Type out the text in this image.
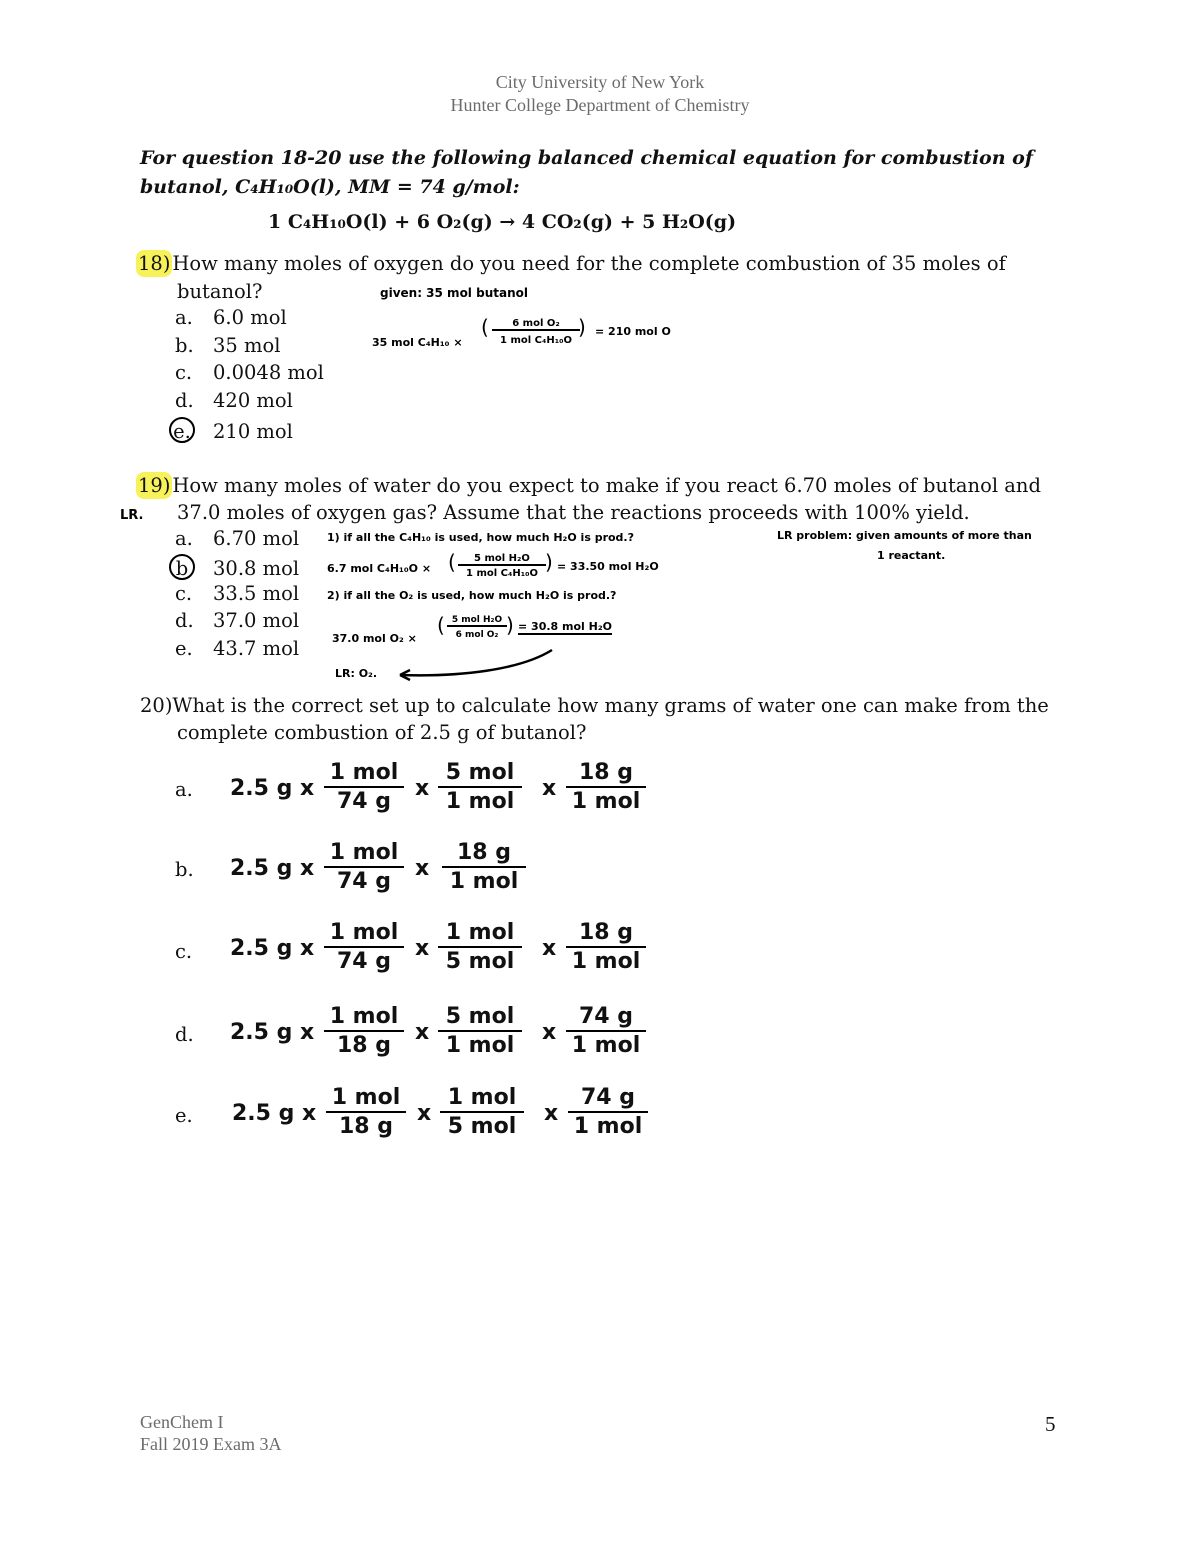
City University of New York
Hunter College Department of Chemistry
For question 18-20 use the following balanced chemical equation for combustion of
butanol, C₄H₁₀O(l), MM = 74 g/mol:
1 C₄H₁₀O(l) + 6 O₂(g) → 4 CO₂(g) + 5 H₂O(g)
18) How many moles of oxygen do you need for the complete combustion of 35 moles of
butanol?
a. 6.0 mol
b. 35 mol
c. 0.0048 mol
d. 420 mol
e. 210 mol
given: 35 mol butanol
35 mol C₄H₁₀ ×
(	6 mol O₂
1 mol C₄H₁₀O
) = 210 mol O
LR.
19) How many moles of water do you expect to make if you react 6.70 moles of butanol and
37.0 moles of oxygen gas? Assume that the reactions proceeds with 100% yield.
a. 6.70 mol
b 30.8 mol
c. 33.5 mol
d. 37.0 mol
e. 43.7 mol
1) if all the C₄H₁₀ is used, how much H₂O is prod.?
6.7 mol C₄H₁₀O × (	5 mol H₂O
1 mol C₄H₁₀O ) = 33.50 mol H₂O
2) if all the O₂ is used, how much H₂O is prod.?
37.0 mol O₂ ×
( 5 mol H₂O
6 mol O₂ ) = 30.8 mol H₂O
LR: O₂.
LR problem: given amounts of more than
1 reactant.
20)What is the correct set up to calculate how many grams of water one can make from the
complete combustion of 2.5 g of butanol?
a. 2.5 g x
1 mol
74 g
x
5 mol
1 mol
x
18 g
1 mol
b. 2.5 g x
1 mol
74 g
x
18 g
1 mol
c. 2.5 g x
1 mol
74 g
x
1 mol
5 mol
x
18 g
1 mol
d. 2.5 g x
1 mol
18 g
x
5 mol
1 mol
x
74 g
1 mol
e. 2.5 g x
1 mol
18 g
x
1 mol
5 mol
x
74 g
1 mol
GenChem I
Fall 2019 Exam 3A
5
